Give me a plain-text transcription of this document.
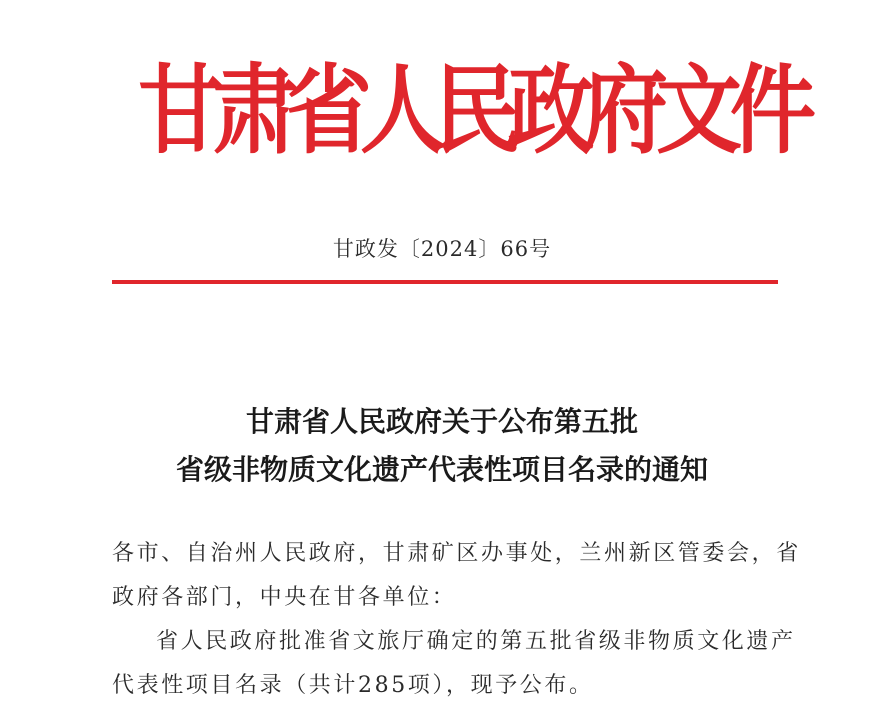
甘肃省人民政府文件
甘政发〔2024〕66号
甘肃省人民政府关于公布第五批
省级非物质文化遗产代表性项目名录的通知
各市、自治州人民政府，甘肃矿区办事处，兰州新区管委会，省
政府各部门，中央在甘各单位：
省人民政府批准省文旅厅确定的第五批省级非物质文化遗产
代表性项目名录（共计285项），现予公布。
